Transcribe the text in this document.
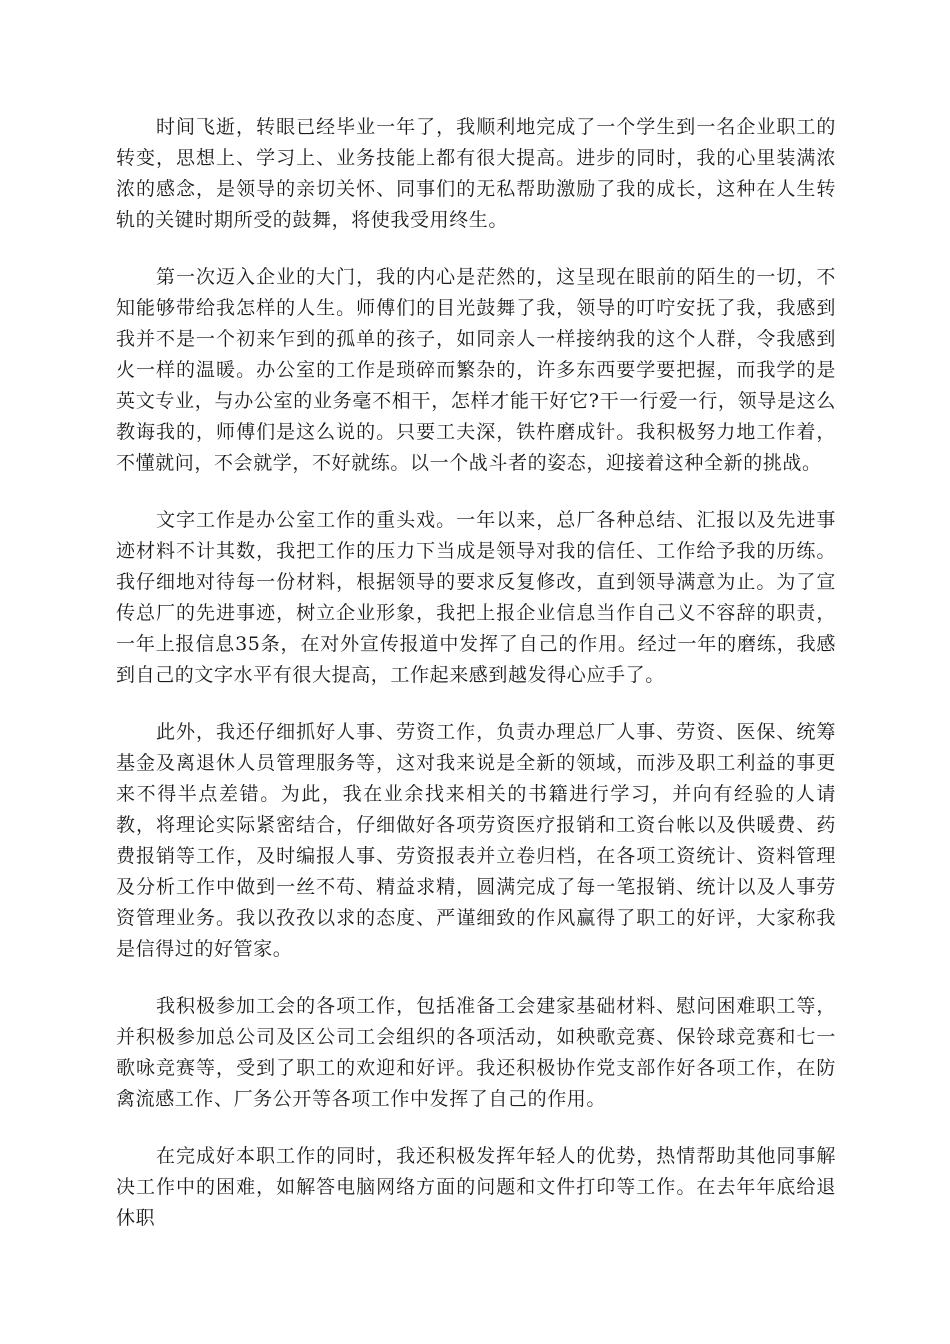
时间飞逝，转眼已经毕业一年了，我顺利地完成了一个学生到一名企业职工的转变，思想上、学习上、业务技能上都有很大提高。进步的同时，我的心里装满浓浓的感念，是领导的亲切关怀、同事们的无私帮助激励了我的成长，这种在人生转轨的关键时期所受的鼓舞，将使我受用终生。

第一次迈入企业的大门，我的内心是茫然的，这呈现在眼前的陌生的一切，不知能够带给我怎样的人生。师傅们的目光鼓舞了我，领导的叮咛安抚了我，我感到我并不是一个初来乍到的孤单的孩子，如同亲人一样接纳我的这个人群，令我感到火一样的温暖。办公室的工作是琐碎而繁杂的，许多东西要学要把握，而我学的是英文专业，与办公室的业务毫不相干，怎样才能干好它?干一行爱一行，领导是这么教诲我的，师傅们是这么说的。只要工夫深，铁杵磨成针。我积极努力地工作着，不懂就问，不会就学，不好就练。以一个战斗者的姿态，迎接着这种全新的挑战。

文字工作是办公室工作的重头戏。一年以来，总厂各种总结、汇报以及先进事迹材料不计其数，我把工作的压力下当成是领导对我的信任、工作给予我的历练。我仔细地对待每一份材料，根据领导的要求反复修改，直到领导满意为止。为了宣传总厂的先进事迹，树立企业形象，我把上报企业信息当作自己义不容辞的职责，一年上报信息35条，在对外宣传报道中发挥了自己的作用。经过一年的磨练，我感到自己的文字水平有很大提高，工作起来感到越发得心应手了。

此外，我还仔细抓好人事、劳资工作，负责办理总厂人事、劳资、医保、统筹基金及离退休人员管理服务等，这对我来说是全新的领域，而涉及职工利益的事更来不得半点差错。为此，我在业余找来相关的书籍进行学习，并向有经验的人请教，将理论实际紧密结合，仔细做好各项劳资医疗报销和工资台帐以及供暖费、药费报销等工作，及时编报人事、劳资报表并立卷归档，在各项工资统计、资料管理及分析工作中做到一丝不苟、精益求精，圆满完成了每一笔报销、统计以及人事劳资管理业务。我以孜孜以求的态度、严谨细致的作风赢得了职工的好评，大家称我是信得过的好管家。

我积极参加工会的各项工作，包括准备工会建家基础材料、慰问困难职工等，并积极参加总公司及区公司工会组织的各项活动，如秧歌竞赛、保铃球竞赛和七一歌咏竞赛等，受到了职工的欢迎和好评。我还积极协作党支部作好各项工作，在防禽流感工作、厂务公开等各项工作中发挥了自己的作用。

在完成好本职工作的同时，我还积极发挥年轻人的优势，热情帮助其他同事解决工作中的困难，如解答电脑网络方面的问题和文件打印等工作。在去年年底给退休职
